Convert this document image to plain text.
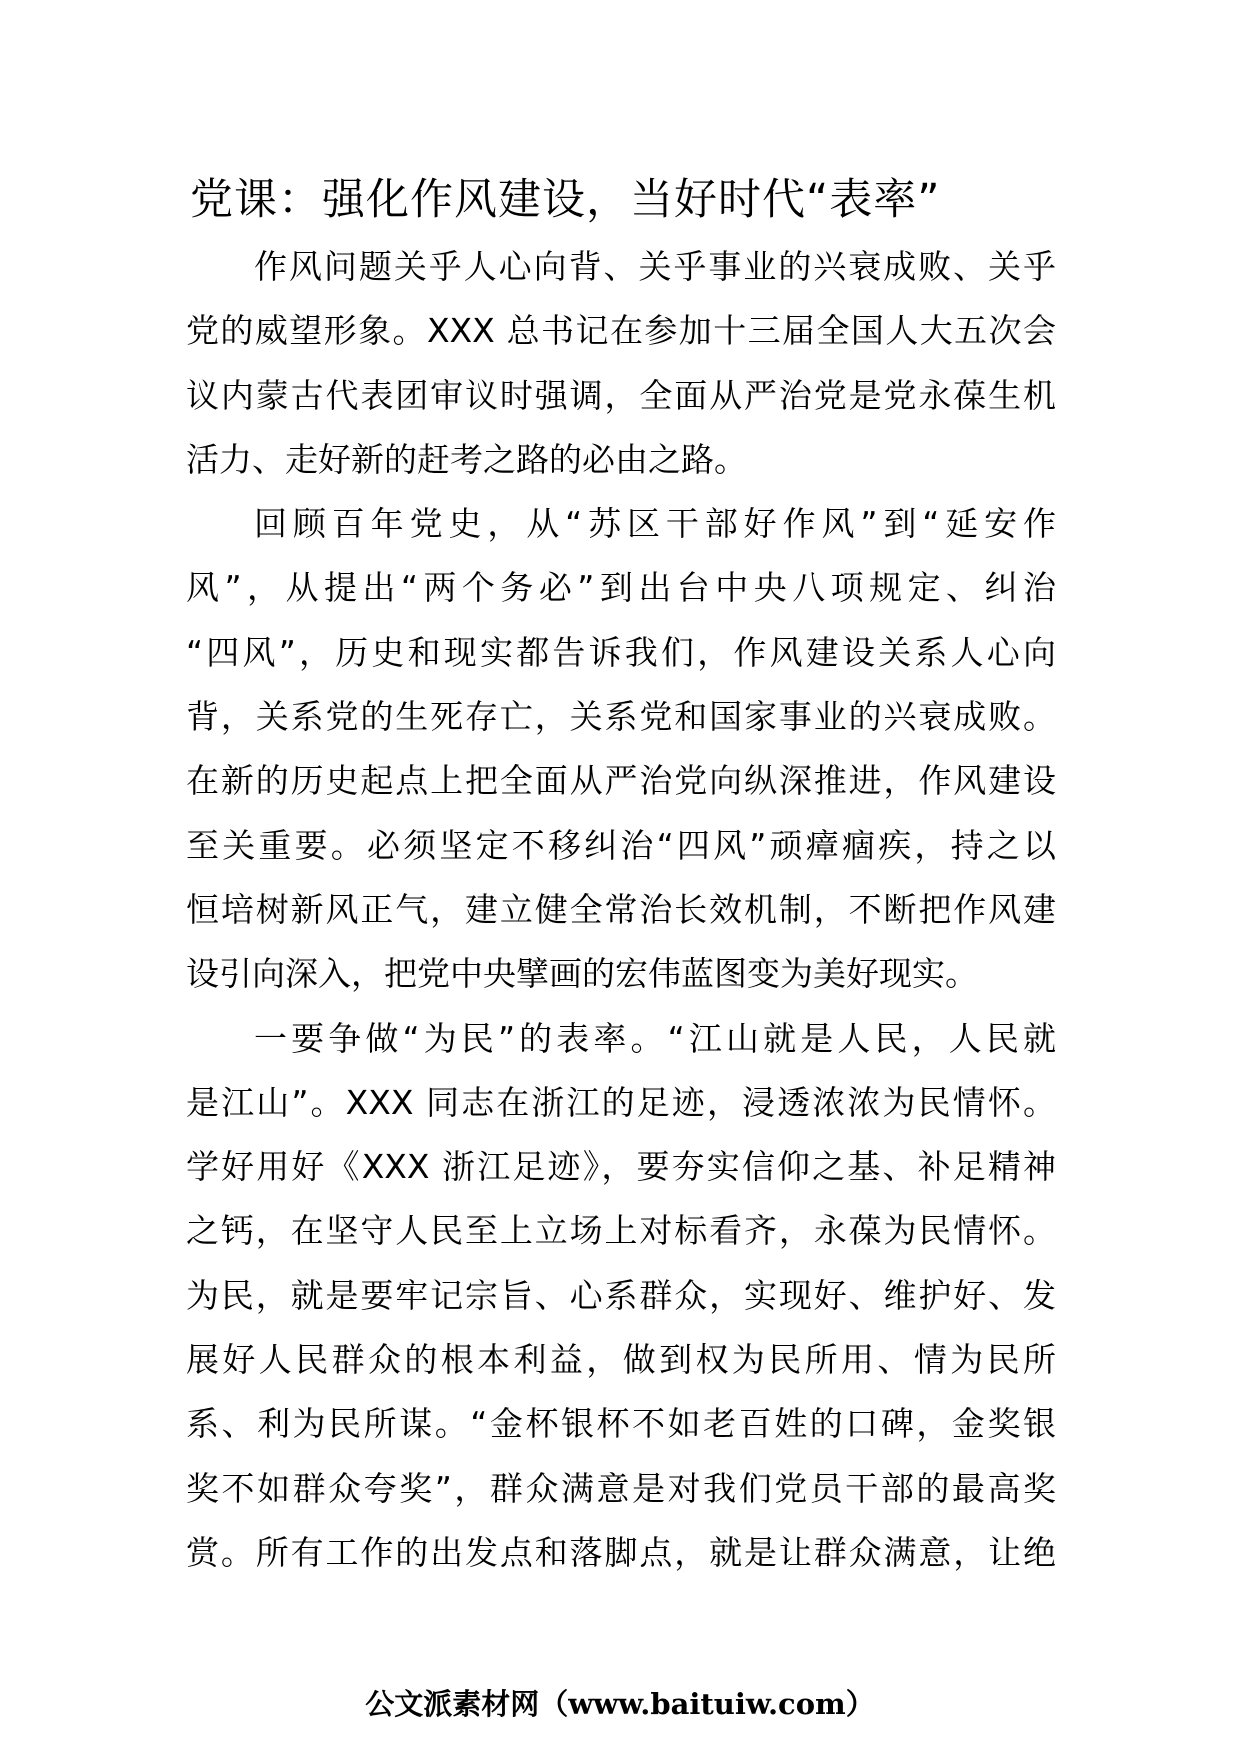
党课：强化作风建设，当好时代“表率”
作风问题关乎人心向背、关乎事业的兴衰成败、关乎
党的威望形象。XXX 总书记在参加十三届全国人大五次会
议内蒙古代表团审议时强调，全面从严治党是党永葆生机
活力、走好新的赶考之路的必由之路。
回顾百年党史，从“苏区干部好作风”到“延安作
风”，从提出“两个务必”到出台中央八项规定、纠治
“四风”，历史和现实都告诉我们，作风建设关系人心向
背，关系党的生死存亡，关系党和国家事业的兴衰成败。
在新的历史起点上把全面从严治党向纵深推进，作风建设
至关重要。必须坚定不移纠治“四风”顽瘴痼疾，持之以
恒培树新风正气，建立健全常治长效机制，不断把作风建
设引向深入，把党中央擘画的宏伟蓝图变为美好现实。
一要争做“为民”的表率。“江山就是人民，人民就
是江山”。XXX 同志在浙江的足迹，浸透浓浓为民情怀。
学好用好《XXX 浙江足迹》，要夯实信仰之基、补足精神
之钙，在坚守人民至上立场上对标看齐，永葆为民情怀。
为民，就是要牢记宗旨、心系群众，实现好、维护好、发
展好人民群众的根本利益，做到权为民所用、情为民所
系、利为民所谋。“金杯银杯不如老百姓的口碑，金奖银
奖不如群众夸奖”，群众满意是对我们党员干部的最高奖
赏。所有工作的出发点和落脚点，就是让群众满意，让绝
公文派素材网（www.baituiw.com）
